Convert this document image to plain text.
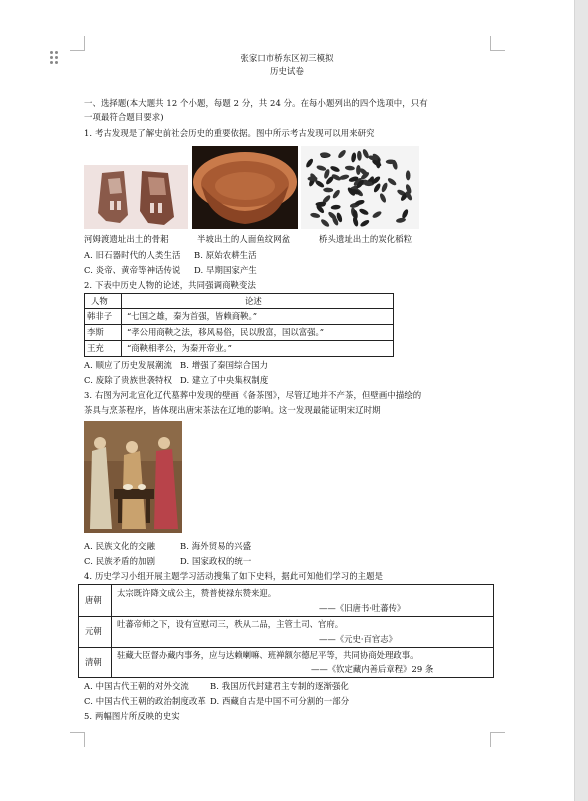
张家口市桥东区初三模拟
历史试卷
一、选择题(本大题共 12 个小题，每题 2 分，共 24 分。在每小题列出的四个选项中，只有
一项最符合题目要求)
1. 考古发现是了解史前社会历史的重要依据。图中所示考古发现可以用来研究
河姆渡遗址出土的骨耜	半坡出土的人面鱼纹网盆	桥头遗址出土的炭化稻粒
A. 旧石器时代的人类生活 B. 原始农耕生活
C. 炎帝、黄帝等神话传说 D. 早期国家产生
2. 下表中历史人物的论述，共同强调商鞅变法
人物	论述
韩非子 “七国之雄，秦为首强，皆赖商鞅。”
李斯	“孝公用商鞅之法，移风易俗，民以殷富，国以富强。”
王充	“商鞅相孝公，为秦开帝业。”
A. 顺应了历史发展潮流 B. 增强了秦国综合国力
C. 废除了贵族世袭特权 D. 建立了中央集权制度
3. 右图为河北宣化辽代墓葬中发现的壁画《备茶图》，尽管辽地并不产茶，但壁画中描绘的
茶具与烹茶程序，皆体现出唐宋茶法在辽地的影响。这一发现最能证明宋辽时期
A. 民族文化的交融	B. 海外贸易的兴盛
C. 民族矛盾的加剧	D. 国家政权的统一
4. 历史学习小组开展主题学习活动搜集了如下史料，据此可知他们学习的主题是
唐朝
太宗既许降文成公主，赞普使禄东赞来迎。
——《旧唐书·吐蕃传》
元朝
吐蕃帝师之下，设有宣慰司三，秩从二品，主管土司、官府。
——《元史·百官志》
清朝
驻藏大臣督办藏内事务，应与达赖喇嘛、班禅额尔德尼平等，共同协商处理政事。
——《钦定藏内善后章程》29 条
A. 中国古代王朝的对外交流	B. 我国历代封建君主专制的逐渐强化
C. 中国古代王朝的政治制度改革 D. 西藏自古是中国不可分割的一部分
5. 两幅图片所反映的史实
